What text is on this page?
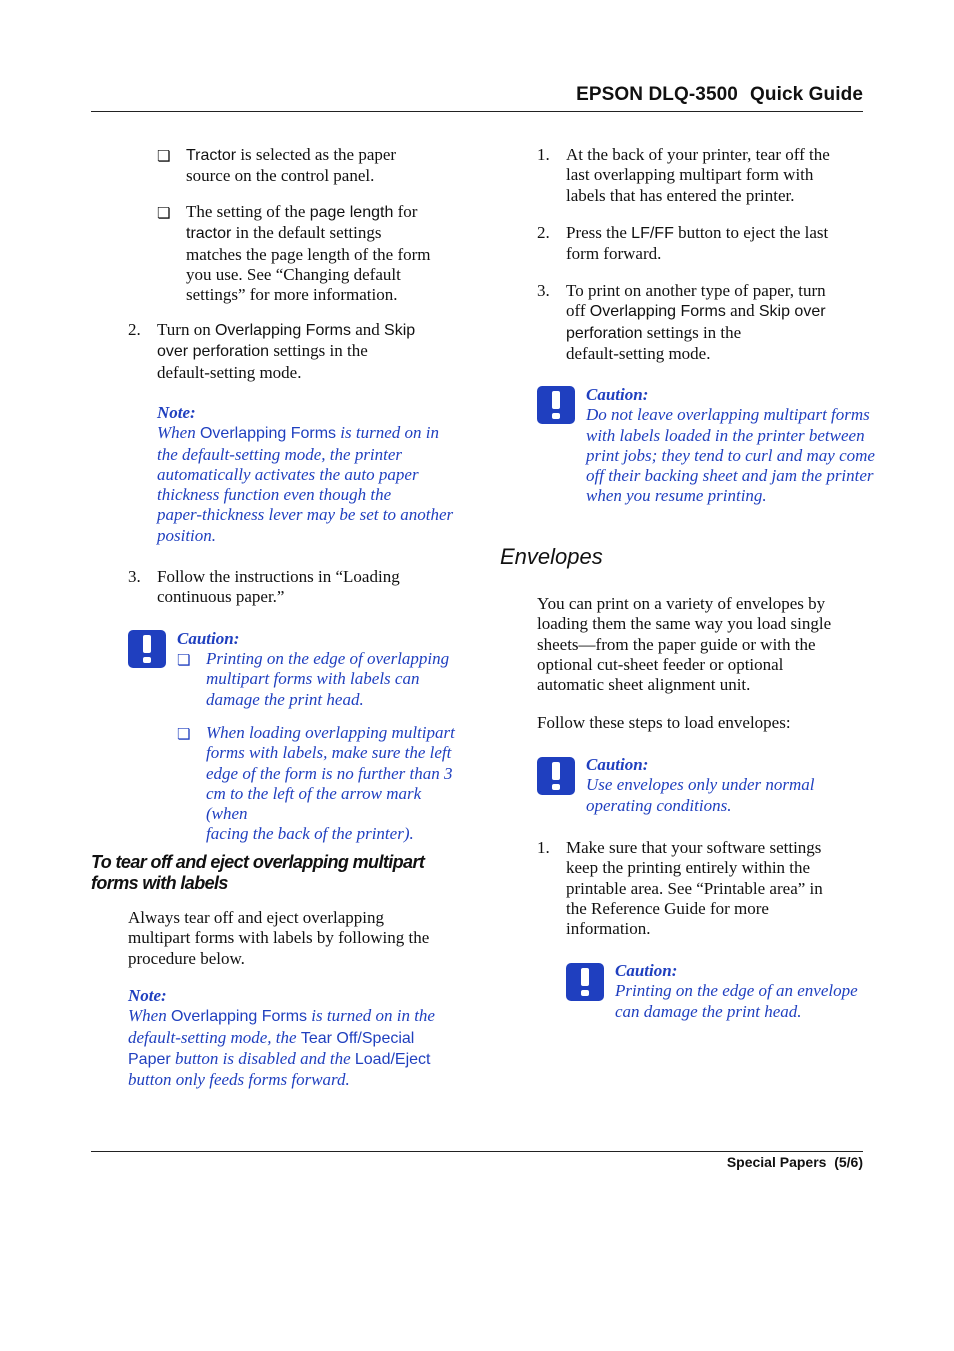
EPSON DLQ-3500 Quick Guide
❏ Tractor is selected as the paper
source on the control panel.
❏ The setting of the page length for
tractor in the default settings
matches the page length of the form
you use. See “Changing default
settings” for more information.
2. Turn on Overlapping Forms and Skip
over perforation settings in the
default-setting mode.
Note:
When Overlapping Forms is turned on in
the default-setting mode, the printer
automatically activates the auto paper
thickness function even though the
paper-thickness lever may be set to another
position.
3. Follow the instructions in “Loading
continuous paper.”
Caution:
❏ Printing on the edge of overlapping
multipart forms with labels can
damage the print head.
❏ When loading overlapping multipart
forms with labels, make sure the left
edge of the form is no further than 3
cm to the left of the arrow mark (when
facing the back of the printer).
To tear off and eject overlapping multipart
forms with labels
Always tear off and eject overlapping
multipart forms with labels by following the
procedure below.
Note:
When Overlapping Forms is turned on in the
default-setting mode, the Tear Off/Special
Paper button is disabled and the Load/Eject
button only feeds forms forward.
1. At the back of your printer, tear off the
last overlapping multipart form with
labels that has entered the printer.
2. Press the LF/FF button to eject the last
form forward.
3. To print on another type of paper, turn
off Overlapping Forms and Skip over
perforation settings in the
default-setting mode.
Caution:
Do not leave overlapping multipart forms
with labels loaded in the printer between
print jobs; they tend to curl and may come
off their backing sheet and jam the printer
when you resume printing.
Envelopes
You can print on a variety of envelopes by
loading them the same way you load single
sheets—from the paper guide or with the
optional cut-sheet feeder or optional
automatic sheet alignment unit.
Follow these steps to load envelopes:
Caution:
Use envelopes only under normal
operating conditions.
1. Make sure that your software settings
keep the printing entirely within the
printable area. See “Printable area” in
the Reference Guide for more
information.
Caution:
Printing on the edge of an envelope
can damage the print head.
Special Papers  (5/6)
